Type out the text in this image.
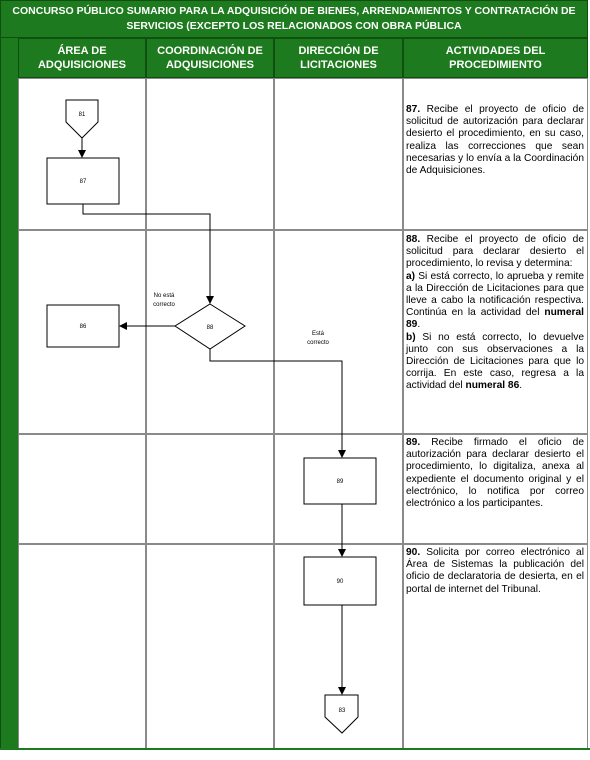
CONCURSO PÚBLICO SUMARIO PARA LA ADQUISICIÓN DE BIENES, ARRENDAMIENTOS Y CONTRATACIÓN DE
SERVICIOS (EXCEPTO LOS RELACIONADOS CON OBRA PÚBLICA
ÁREA DE
ADQUISICIONES
COORDINACIÓN DE
ADQUISICIONES
DIRECCIÓN DE
LICITACIONES
ACTIVIDADES DEL
PROCEDIMIENTO
81
87
88
No está
correcto
86
Está
correcto
89
90
83

87. Recibe el proyecto de oficio de solicitud de autorización para declarar desierto el procedimiento, en su caso, realiza las correcciones que sean necesarias y lo envía a la Coordinación de Adquisiciones.

88. Recibe el proyecto de oficio de solicitud para declarar desierto el procedimiento, lo revisa y determina:

a) Si está correcto, lo aprueba y remite a la Dirección de Licitaciones para que lleve a cabo la notificación respectiva. Continúa en la actividad del numeral 89.

b) Si no está correcto, lo devuelve junto con sus observaciones a la Dirección de Licitaciones para que lo corrija. En este caso, regresa a la actividad del numeral 86.

89. Recibe firmado el oficio de autorización para declarar desierto el procedimiento, lo digitaliza, anexa al expediente el documento original y el electrónico, lo notifica por correo electrónico a los participantes.

90. Solicita por correo electrónico al Área de Sistemas la publicación del oficio de declaratoria de desierta, en el portal de internet del Tribunal.
